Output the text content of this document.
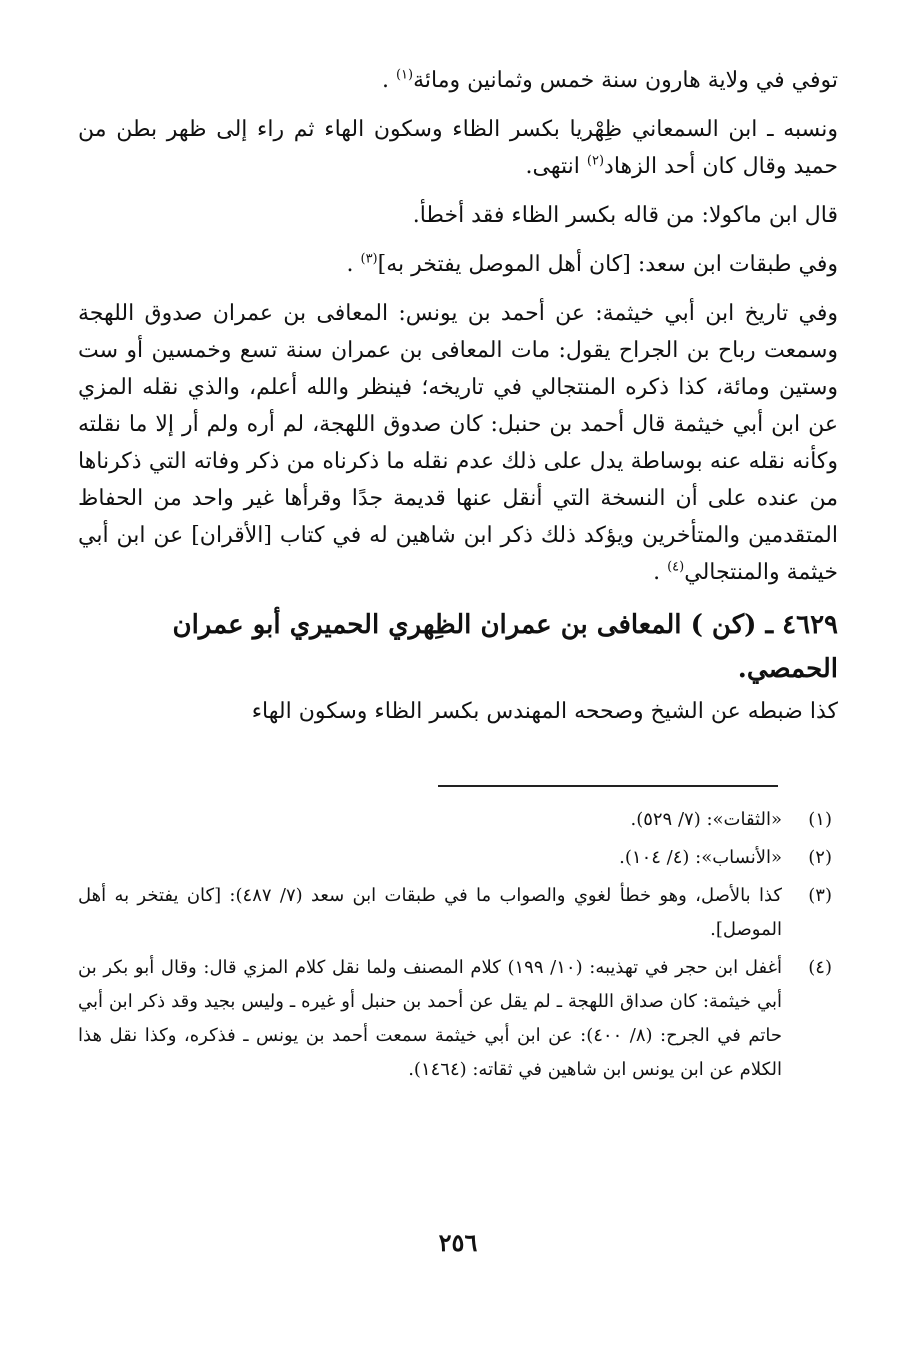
توفي في ولاية هارون سنة خمس وثمانين ومائة$^{(١)}$ .

ونسبه ـ ابن السمعاني ظِهْريا بكسر الظاء وسكون الهاء ثم راء إلى ظهر بطن من حميد وقال كان أحد الزهاد$^{(٢)}$ انتهى.

قال ابن ماكولا: من قاله بكسر الظاء فقد أخطأ.

وفي طبقات ابن سعد: [كان أهل الموصل يفتخر به]$^{(٣)}$ .

وفي تاريخ ابن أبي خيثمة: عن أحمد بن يونس: المعافى بن عمران صدوق اللهجة وسمعت رباح بن الجراح يقول: مات المعافى بن عمران سنة تسع وخمسين أو ست وستين ومائة، كذا ذكره المنتجالي في تاريخه؛ فينظر والله أعلم، والذي نقله المزي عن ابن أبي خيثمة قال أحمد بن حنبل: كان صدوق اللهجة، لم أره ولم أر إلا ما نقلته وكأنه نقله عنه بوساطة يدل على ذلك عدم نقله ما ذكرناه من ذكر وفاته التي ذكرناها من عنده على أن النسخة التي أنقل عنها قديمة جدًا وقرأها غير واحد من الحفاظ المتقدمين والمتأخرين ويؤكد ذلك ذكر ابن شاهين له في كتاب [الأقران] عن ابن أبي خيثمة والمنتجالي$^{(٤)}$ .

٤٦٢٩ ـ (كن ) المعافى بن عمران الظِهري الحميري أبو عمران الحمصي.

كذا ضبطه عن الشيخ وصححه المهندس بكسر الظاء وسكون الهاء

(١)
«الثقات»: (٧/ ٥٢٩).
(٢)
«الأنساب»: (٤/ ١٠٤).
(٣)
كذا بالأصل، وهو خطأ لغوي والصواب ما في طبقات ابن سعد (٧/ ٤٨٧): [كان يفتخر به أهل الموصل].
(٤)
أغفل ابن حجر في تهذيبه: (١٠/ ١٩٩) كلام المصنف ولما نقل كلام المزي قال: وقال أبو بكر بن أبي خيثمة: كان صداق اللهجة ـ لم يقل عن أحمد بن حنبل أو غيره ـ وليس بجيد وقد ذكر ابن أبي حاتم في الجرح: (٨/ ٤٠٠): عن ابن أبي خيثمة سمعت أحمد بن يونس ـ فذكره، وكذا نقل هذا الكلام عن ابن يونس ابن شاهين في ثقاته: (١٤٦٤).
٢٥٦
